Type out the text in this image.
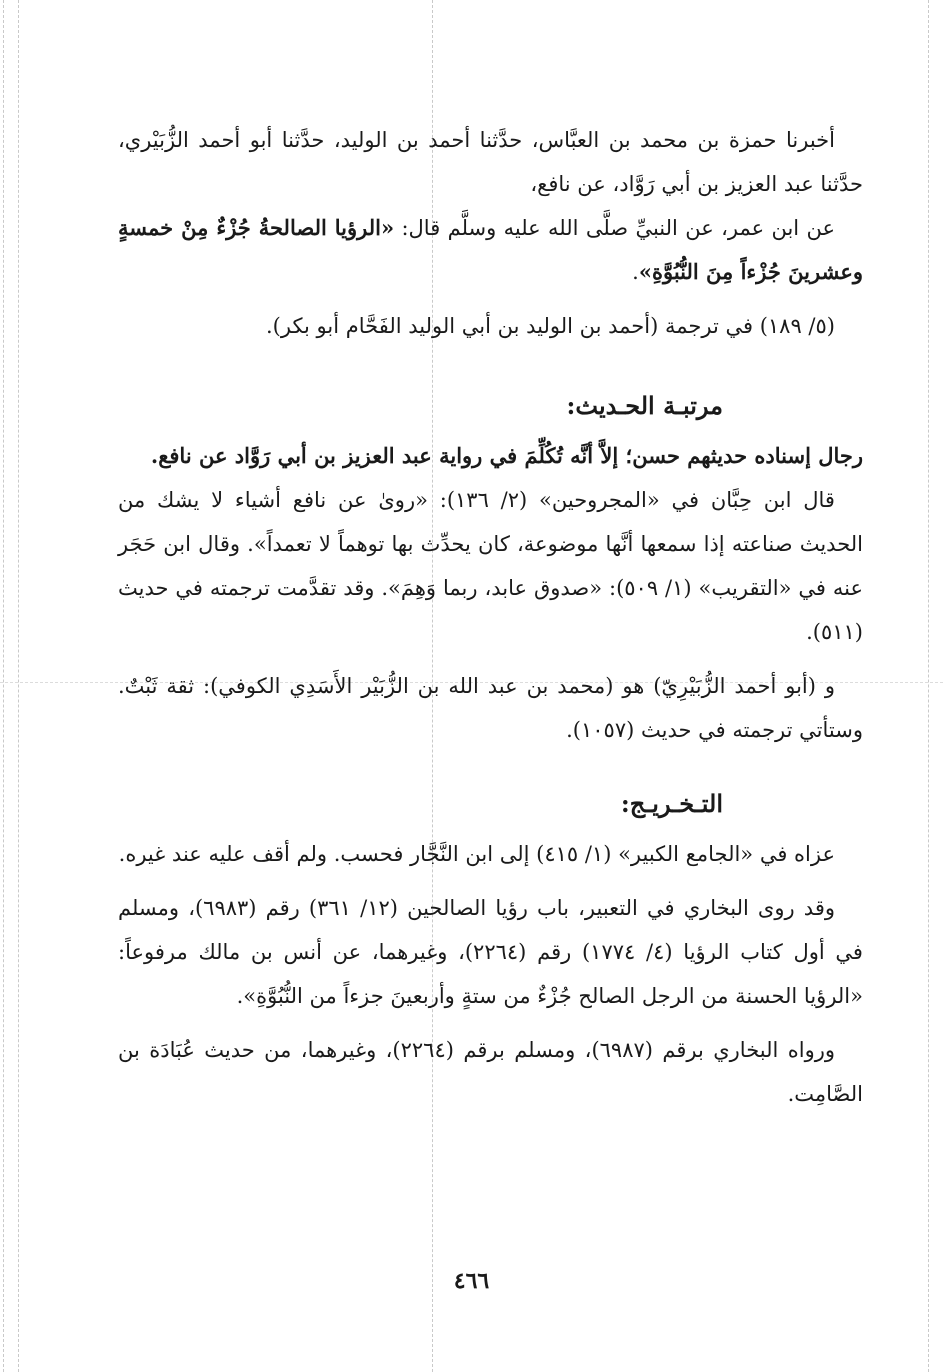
أخبرنا حمزة بن محمد بن العبَّاس، حدَّثنا أحمد بن الوليد، حدَّثنا أبو أحمد الزُّبَيْري، حدَّثنا عبد العزيز بن أبي رَوَّاد، عن نافع،

عن ابن عمر، عن النبيِّ صلَّى الله عليه وسلَّم قال: «الرؤيا الصالحةُ جُزْءٌ مِنْ خمسةٍ وعشرينَ جُزْءاً مِنَ النُّبُوَّةِ».

(٥/ ١٨٩) في ترجمة (أحمد بن الوليد بن أبي الوليد الفَحَّام أبو بكر).

مرتبـة الحـديث:

رجال إسناده حديثهم حسن؛ إلاَّ أنَّه تُكُلِّمَ في رواية عبد العزيز بن أبي رَوَّاد عن نافع.

قال ابن حِبَّان في «المجروحين» (٢/ ١٣٦): «روىٰ عن نافع أشياء لا يشك من الحديث صناعته إذا سمعها أنَّها موضوعة، كان يحدِّث بها توهماً لا تعمداً». وقال ابن حَجَر عنه في «التقريب» (١/ ٥٠٩): «صدوق عابد، ربما وَهِمَ». وقد تقدَّمت ترجمته في حديث (٥١١).

و (أبو أحمد الزُّبَيْرِيّ) هو (محمد بن عبد الله بن الزُّبَيْر الأَسَدِي الكوفي): ثقة ثَبْتٌ. وستأتي ترجمته في حديث (١٠٥٧).

التـخـريـج:

عزاه في «الجامع الكبير» (١/ ٤١٥) إلى ابن النَّجَّار فحسب. ولم أقف عليه عند غيره.

وقد روى البخاري في التعبير، باب رؤيا الصالحين (١٢/ ٣٦١) رقم (٦٩٨٣)، ومسلم في أول كتاب الرؤيا (٤/ ١٧٧٤) رقم (٢٢٦٤)، وغيرهما، عن أنس بن مالك مرفوعاً: «الرؤيا الحسنة من الرجل الصالح جُزْءٌ من ستةٍ وأربعينَ جزءاً من النُّبُوَّةِ».

ورواه البخاري برقم (٦٩٨٧)، ومسلم برقم (٢٢٦٤)، وغيرهما، من حديث عُبَادَة بن الصَّامِت.

٤٦٦
